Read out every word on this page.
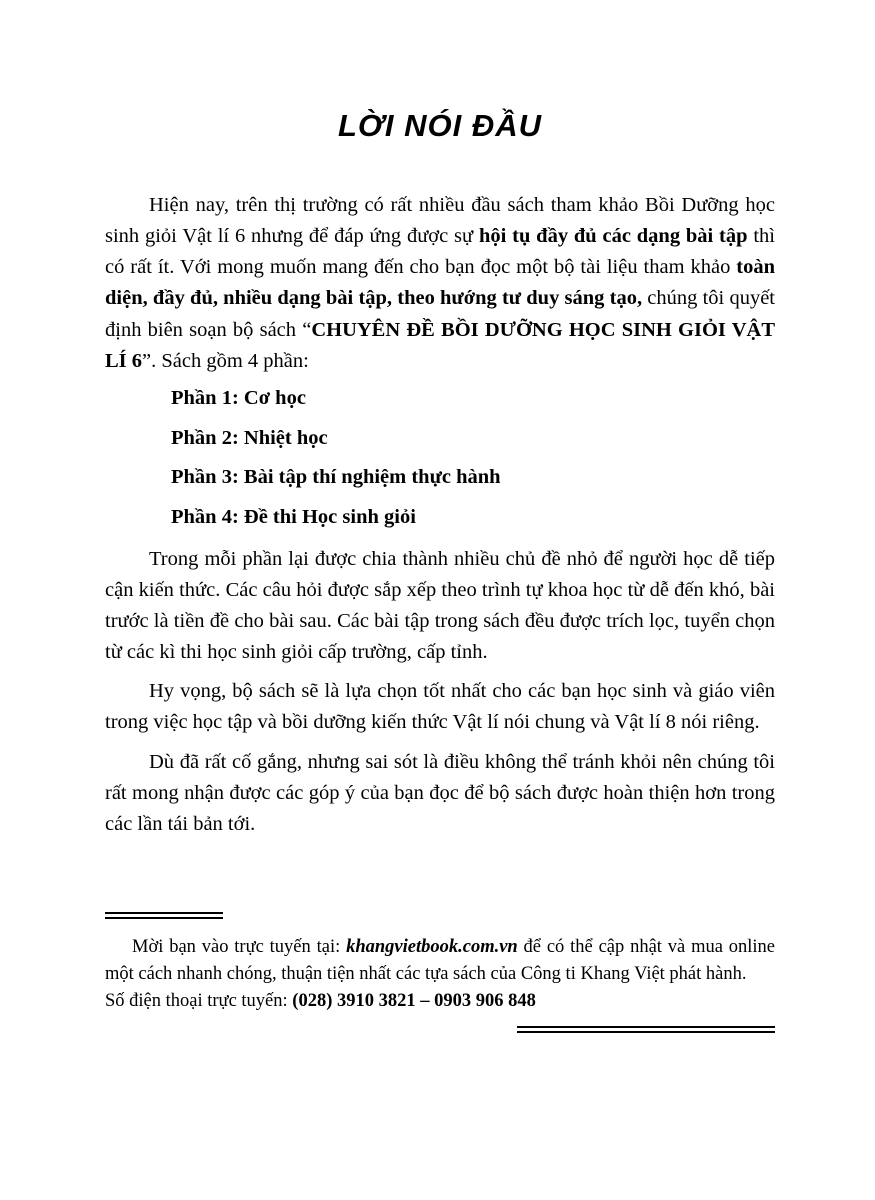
LỜI NÓI ĐẦU

Hiện nay, trên thị trường có rất nhiều đầu sách tham khảo Bồi Dưỡng học sinh giỏi Vật lí 6 nhưng để đáp ứng được sự hội tụ đầy đủ các dạng bài tập thì có rất ít. Với mong muốn mang đến cho bạn đọc một bộ tài liệu tham khảo toàn diện, đầy đủ, nhiều dạng bài tập, theo hướng tư duy sáng tạo, chúng tôi quyết định biên soạn bộ sách “CHUYÊN ĐỀ BỒI DƯỠNG HỌC SINH GIỎI VẬT LÍ 6”. Sách gồm 4 phần:

Phần 1: Cơ học

Phần 2: Nhiệt học

Phần 3: Bài tập thí nghiệm thực hành

Phần 4: Đề thi Học sinh giỏi

Trong mỗi phần lại được chia thành nhiều chủ đề nhỏ để người học dễ tiếp cận kiến thức. Các câu hỏi được sắp xếp theo trình tự khoa học từ dễ đến khó, bài trước là tiền đề cho bài sau. Các bài tập trong sách đều được trích lọc, tuyển chọn từ các kì thi học sinh giỏi cấp trường, cấp tỉnh.

Hy vọng, bộ sách sẽ là lựa chọn tốt nhất cho các bạn học sinh và giáo viên trong việc học tập và bồi dưỡng kiến thức Vật lí nói chung và Vật lí 8 nói riêng.

Dù đã rất cố gắng, nhưng sai sót là điều không thể tránh khỏi nên chúng tôi rất mong nhận được các góp ý của bạn đọc để bộ sách được hoàn thiện hơn trong các lần tái bản tới.

Mời bạn vào trực tuyến tại: khangvietbook.com.vn để có thể cập nhật và mua online một cách nhanh chóng, thuận tiện nhất các tựa sách của Công ti Khang Việt phát hành.

Số điện thoại trực tuyến: (028) 3910 3821 – 0903 906 848
